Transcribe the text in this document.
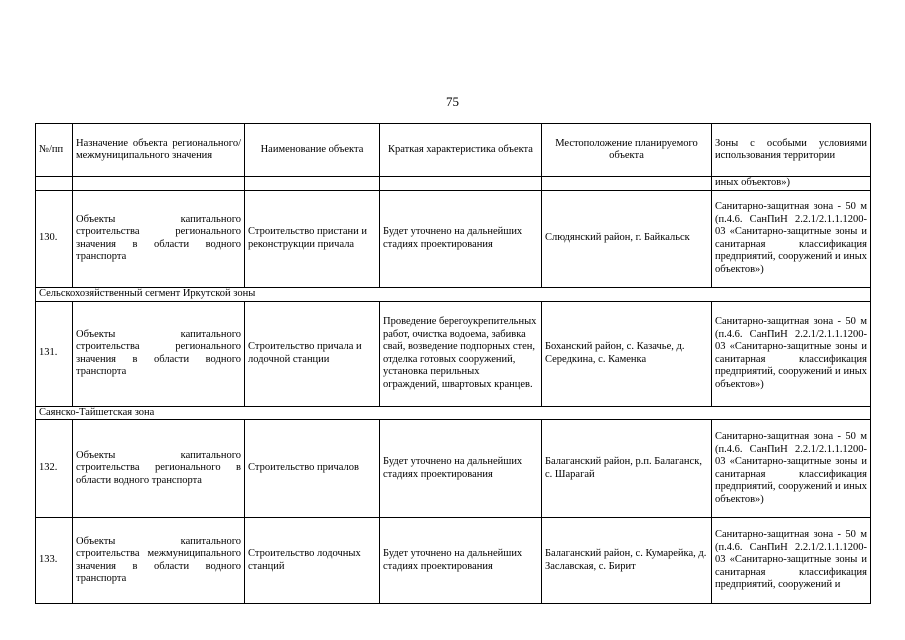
75
№/пп	Назначение объекта регионального/ межмуниципального значения	Наименование объекта	Краткая характеристика объекта	Местоположение планируемого объекта	Зоны с особыми условиями использования территории
					иных объектов»)
130.	Объекты капитального строительства регионального значения в области водного транспорта	Строительство пристани и реконструкции причала	Будет уточнено на дальнейших стадиях проектирования	Слюдянский район, г. Байкальск	Санитарно-защитная зона - 50 м (п.4.6. СанПиН 2.2.1/2.1.1.1200-03 «Санитарно-защитные зоны и санитарная классификация предприятий, сооружений и иных объектов»)
Сельскохозяйственный сегмент Иркутской зоны					
131.	Объекты капитального строительства регионального значения в области водного транспорта	Строительство причала и лодочной станции	Проведение берегоукрепительных работ, очистка водоема, забивка свай, возведение подпорных стен, отделка готовых сооружений, установка перильных ограждений, швартовых кранцев.	Боханский район, с. Казачье, д. Середкина, с. Каменка	Санитарно-защитная зона - 50 м (п.4.6. СанПиН 2.2.1/2.1.1.1200-03 «Санитарно-защитные зоны и санитарная классификация предприятий, сооружений и иных объектов»)
Саянско-Тайшетская зона					
132.	Объекты капитального строительства регионального в области водного транспорта	Строительство причалов	Будет уточнено на дальнейших стадиях проектирования	Балаганский район, р.п. Балаганск, с. Шарагай	Санитарно-защитная зона - 50 м (п.4.6. СанПиН 2.2.1/2.1.1.1200-03 «Санитарно-защитные зоны и санитарная классификация предприятий, сооружений и иных объектов»)
133.	Объекты капитального строительства межмуниципального значения в области водного транспорта	Строительство лодочных станций	Будет уточнено на дальнейших стадиях проектирования	Балаганский район, с. Кумарейка, д. Заславская, с. Бирит	Санитарно-защитная зона - 50 м (п.4.6. СанПиН 2.2.1/2.1.1.1200-03 «Санитарно-защитные зоны и санитарная классификация предприятий, сооружений и
